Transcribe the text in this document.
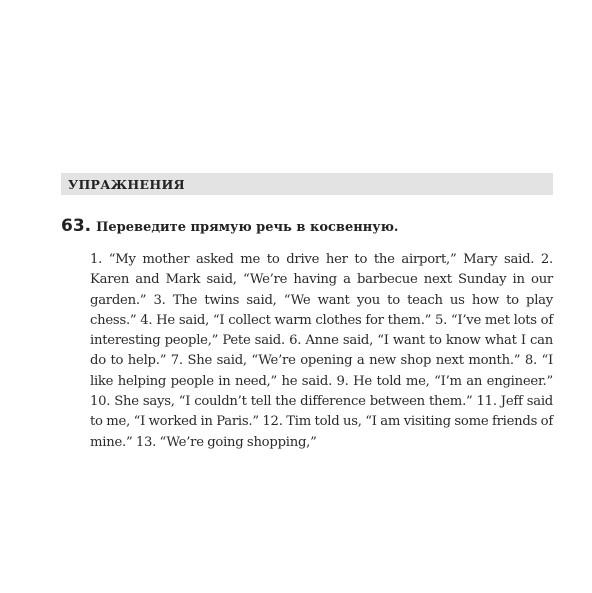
УПРАЖНЕНИЯ
63. Переведите прямую речь в косвенную.

1. “My mother asked me to drive her to the airport,” Mary said. 2. Karen and Mark said, “We’re having a barbecue next Sunday in our garden.” 3. The twins said, “We want you to teach us how to play chess.” 4. He said, “I collect warm clothes for them.” 5. “I’ve met lots of interesting people,” Pete said. 6. Anne said, “I want to know what I can do to help.” 7. She said, “We’re opening a new shop next month.” 8. “I like helping people in need,” he said. 9. He told me, “I’m an engineer.” 10. She says, “I couldn’t tell the difference between them.” 11. Jeff said to me, “I worked in Paris.” 12. Tim told us, “I am visiting some friends of mine.” 13. “We’re going shopping,”
